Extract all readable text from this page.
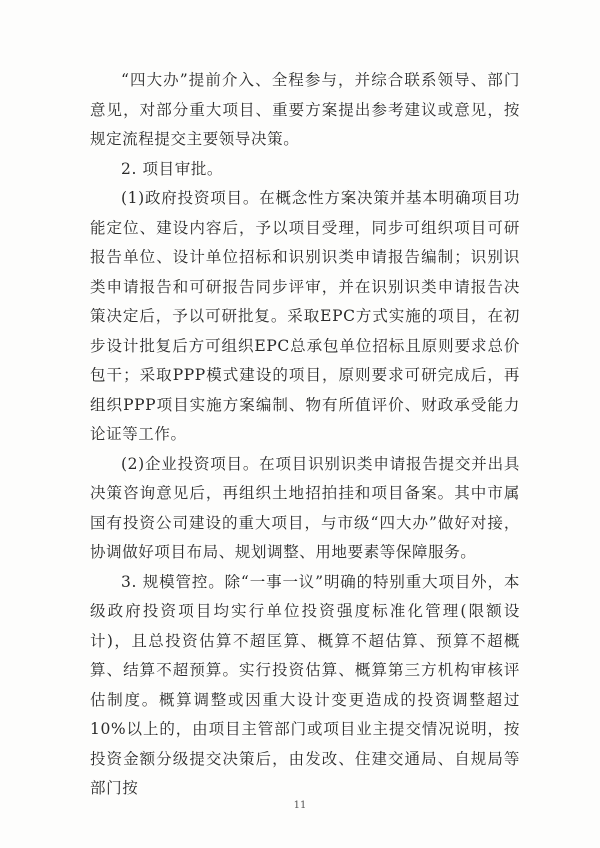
“四大办”提前介入、全程参与，并综合联系领导、部门意见，对部分重大项目、重要方案提出参考建议或意见，按规定流程提交主要领导决策。

2. 项目审批。

(1)政府投资项目。在概念性方案决策并基本明确项目功能定位、建设内容后，予以项目受理，同步可组织项目可研报告单位、设计单位招标和识别识类申请报告编制；识别识类申请报告和可研报告同步评审，并在识别识类申请报告决策决定后，予以可研批复。采取EPC方式实施的项目，在初步设计批复后方可组织EPC总承包单位招标且原则要求总价包干；采取PPP模式建设的项目，原则要求可研完成后，再组织PPP项目实施方案编制、物有所值评价、财政承受能力论证等工作。

(2)企业投资项目。在项目识别识类申请报告提交并出具决策咨询意见后，再组织土地招拍挂和项目备案。其中市属国有投资公司建设的重大项目，与市级“四大办”做好对接，协调做好项目布局、规划调整、用地要素等保障服务。

3. 规模管控。除“一事一议”明确的特别重大项目外，本级政府投资项目均实行单位投资强度标准化管理(限额设计)，且总投资估算不超匡算、概算不超估算、预算不超概算、结算不超预算。实行投资估算、概算第三方机构审核评估制度。概算调整或因重大设计变更造成的投资调整超过10%以上的，由项目主管部门或项目业主提交情况说明，按投资金额分级提交决策后，由发改、住建交通局、自规局等部门按

11
